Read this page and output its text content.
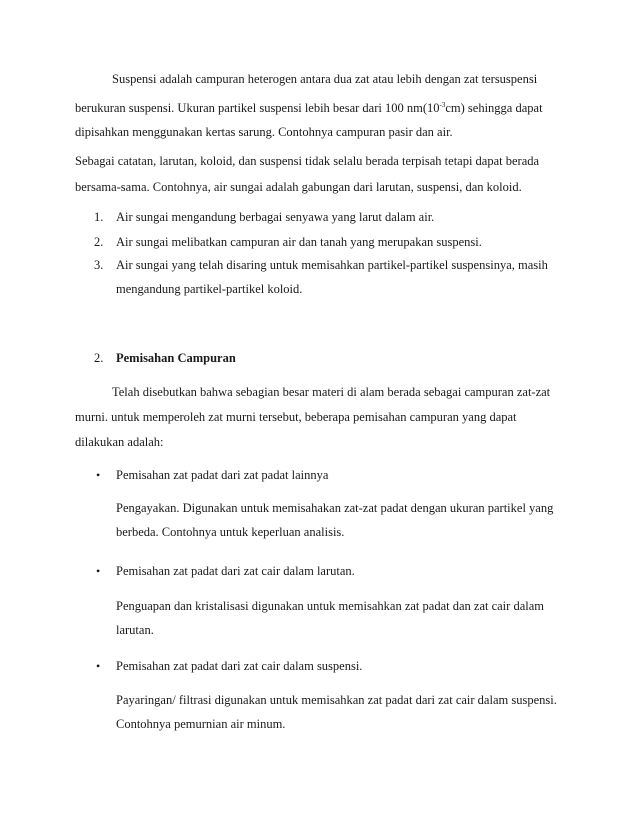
Suspensi adalah campuran heterogen antara dua zat atau lebih dengan zat tersuspensi
berukuran suspensi. Ukuran partikel suspensi lebih besar dari 100 $nm(10^{-3}cm)$ sehingga dapat
dipisahkan menggunakan kertas sarung. Contohnya campuran pasir dan air.
Sebagai catatan, larutan, koloid, dan suspensi tidak selalu berada terpisah tetapi dapat berada
bersama-sama. Contohnya, air sungai adalah gabungan dari larutan, suspensi, dan koloid.
1. Air sungai mengandung berbagai senyawa yang larut dalam air.
2. Air sungai melibatkan campuran air dan tanah yang merupakan suspensi.
3. Air sungai yang telah disaring untuk memisahkan partikel-partikel suspensinya, masih
mengandung partikel-partikel koloid.
2. Pemisahan Campuran
Telah disebutkan bahwa sebagian besar materi di alam berada sebagai campuran zat-zat
murni. untuk memperoleh zat murni tersebut, beberapa pemisahan campuran yang dapat
dilakukan adalah:
• Pemisahan zat padat dari zat padat lainnya
Pengayakan. Digunakan untuk memisahakan zat-zat padat dengan ukuran partikel yang
berbeda. Contohnya untuk keperluan analisis.
• Pemisahan zat padat dari zat cair dalam larutan.
Penguapan dan kristalisasi digunakan untuk memisahkan zat padat dan zat cair dalam
larutan.
• Pemisahan zat padat dari zat cair dalam suspensi.
Payaringan/ filtrasi digunakan untuk memisahkan zat padat dari zat cair dalam suspensi.
Contohnya pemurnian air minum.
